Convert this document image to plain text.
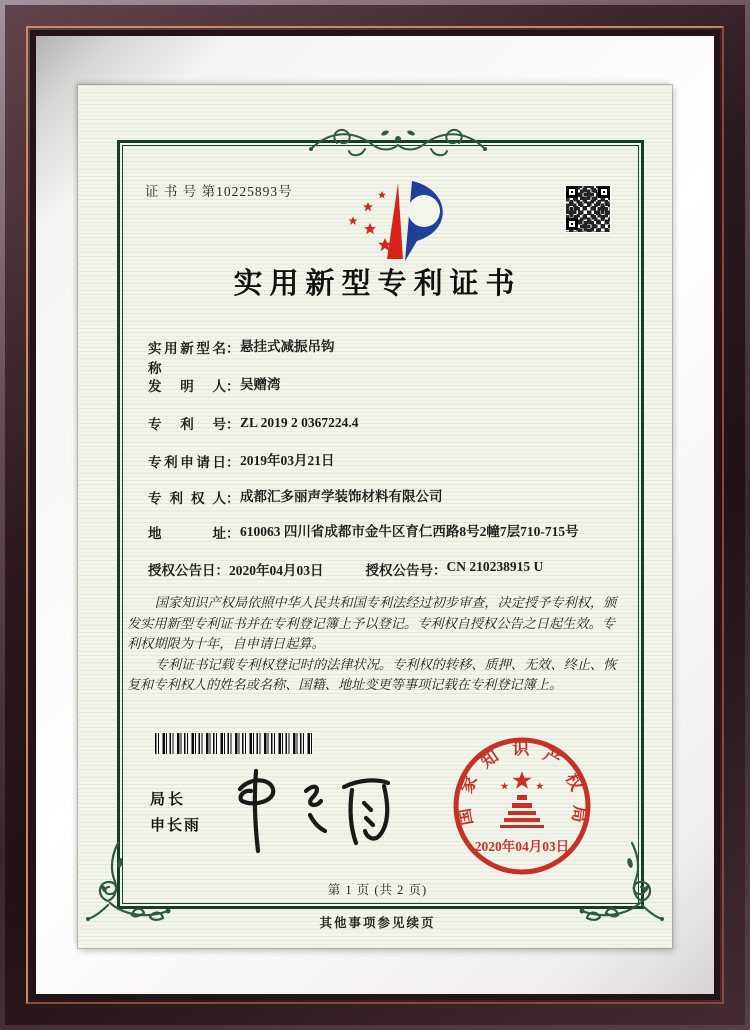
证 书 号 第10225893号
实用新型专利证书
实用新型名称
： 悬挂式减振吊钩
发明人 ： 吴赠湾
专利号 ： ZL 2019 2 0367224.4
专利申请日 ： 2019年03月21日
专利权人 ： 成都汇多丽声学装饰材料有限公司
地址 ： 610063 四川省成都市金牛区育仁西路8号2幢7层710-715号
授权公告日 ： 2020年04月03日	授权公告号 ： CN 210238915 U

国家知识产权局依照中华人民共和国专利法经过初步审查，决定授予专利权，颁发实用新型专利证书并在专利登记簿上予以登记。专利权自授权公告之日起生效。专利权期限为十年，自申请日起算。

专利证书记载专利权登记时的法律状况。专利权的转移、质押、无效、终止、恢复和专利权人的姓名或名称、国籍、地址变更等事项记载在专利登记簿上。

局长
申长雨	国家知识产权局
2020年04月03日
第 1 页 (共 2 页)
其他事项参见续页
